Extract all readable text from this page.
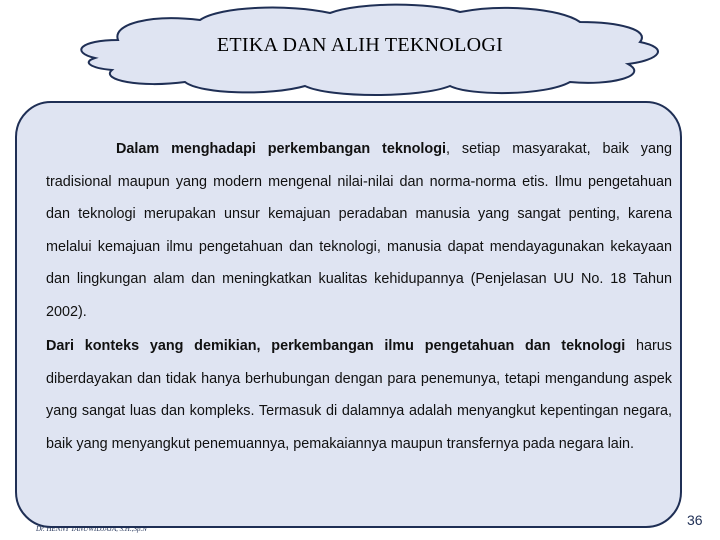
ETIKA DAN ALIH TEKNOLOGI

Dalam menghadapi perkembangan teknologi, setiap masyarakat, baik yang tradisional maupun yang modern mengenal nilai-nilai dan norma-norma etis. Ilmu pengetahuan dan teknologi merupakan unsur kemajuan peradaban manusia yang sangat penting, karena melalui kemajuan ilmu pengetahuan dan teknologi, manusia dapat mendayagunakan kekayaan dan lingkungan alam dan meningkatkan kualitas kehidupannya (Penjelasan UU No. 18 Tahun 2002).

Dari konteks yang demikian, perkembangan ilmu pengetahuan dan teknologi harus diberdayakan dan tidak hanya berhubungan dengan para penemunya, tetapi mengandung aspek yang sangat luas dan kompleks. Termasuk di dalamnya adalah menyangkut kepentingan negara, baik yang menyangkut penemuannya, pemakaiannya maupun transfernya pada negara lain.

Dr. HENNY TANUWIDJAJA, S.H.,Sp.N
36
